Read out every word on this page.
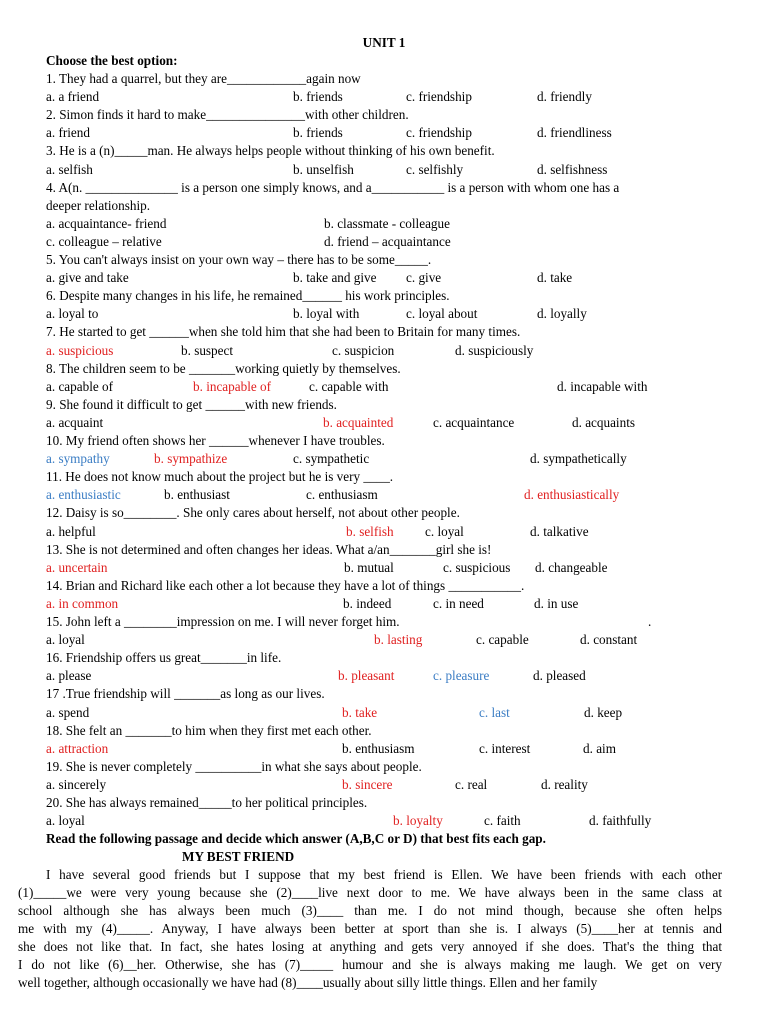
UNIT 1
Choose the best option:
1. They had a quarrel, but they are____________again now
a. a friend	b. friends	c. friendship	d. friendly
2. Simon finds it hard to make_______________with other children.
a. friend	b. friends	c. friendship	d. friendliness
3. He is a (n)_____man. He always helps people without thinking of his own benefit.
a. selfish	b. unselfish	c. selfishly	d. selfishness
4. A(n. ______________ is a person one simply knows, and a___________ is a person with whom one has a
deeper relationship.
a. acquaintance- friend	b. classmate - colleague
c. colleague – relative	d. friend – acquaintance
5. You can't always insist on your own way – there has to be some_____.
a. give and take	b. take and give c. give	d. take
6. Despite many changes in his life, he remained______ his work principles.
a. loyal to	b. loyal with	c. loyal about	d. loyally
7. He started to get ______when she told him that she had been to Britain for many times.
a. suspicious	b. suspect	c. suspicion	d. suspiciously
8. The children seem to be _______working quietly by themselves.
a. capable of	b. incapable of	c. capable with	d. incapable with
9. She found it difficult to get ______with new friends.
a. acquaint	b. acquainted	c. acquaintance	d. acquaints
10. My friend often shows her ______whenever I have troubles.
a. sympathy	b. sympathize	c. sympathetic	d. sympathetically
11. He does not know much about the project but he is very ____.
a. enthusiastic	b. enthusiast	c. enthusiasm	d. enthusiastically
12. Daisy is so________. She only cares about herself, not about other people.
a. helpful	b. selfish c. loyal	d. talkative
13. She is not determined and often changes her ideas. What a/an_______girl she is!
a. uncertain	b. mutual	c. suspicious d. changeable
14. Brian and Richard like each other a lot because they have a lot of things ___________.
a. in common	b. indeed	c. in need	d. in use
15. John left a ________impression on me. I will never forget him.
a. loyal	b. lasting	c. capable	d. constant
16. Friendship offers us great_______in life.
a. please	b. pleasant	c. pleasure	d. pleased
17 .True friendship will _______as long as our lives.
a. spend	b. take	c. last	d. keep
18. She felt an _______to him when they first met each other.
a. attraction	b. enthusiasm	c. interest	d. aim
19. She is never completely __________in what she says about people.
a. sincerely	b. sincere	c. real	d. reality
20. She has always remained_____to her political principles.
a. loyal	b. loyalty	c. faith	d. faithfully
.
Read the following passage and decide which answer (A,B,C or D) that best fits each gap.
MY BEST FRIEND
I have several good friends but I suppose that my best friend is Ellen. We have been friends with each other
(1)_____we were very young because she (2)____live next door to me. We have always been in the same class at
school although she has always been much (3)____ than me. I do not mind though, because she often helps
me with my (4)_____. Anyway, I have always been better at sport than she is. I always (5)____her at tennis and
she does not like that. In fact, she hates losing at anything and gets very annoyed if she does. That's the thing that
I do not like (6)__her. Otherwise, she has (7)_____ humour and she is always making me laugh. We get on very
well together, although occasionally we have had (8)____usually about silly little things. Ellen and her family
